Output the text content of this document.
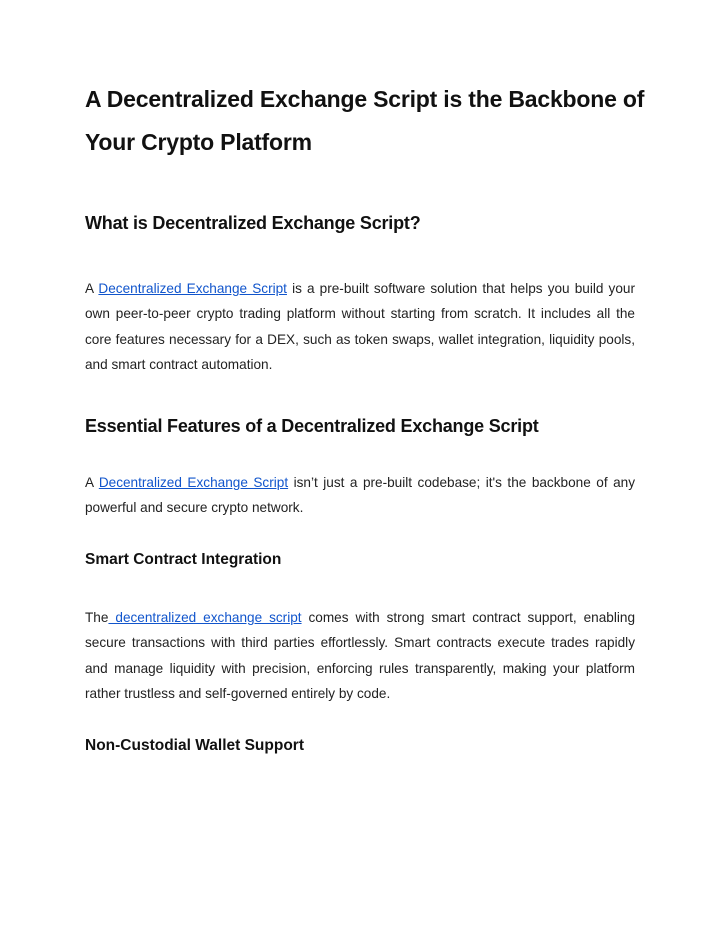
A Decentralized Exchange Script is the Backbone of Your Crypto Platform
What is Decentralized Exchange Script?

A Decentralized Exchange Script is a pre-built software solution that helps you build your own peer-to-peer crypto trading platform without starting from scratch. It includes all the core features necessary for a DEX, such as token swaps, wallet integration, liquidity pools, and smart contract automation.

Essential Features of a Decentralized Exchange Script

A Decentralized Exchange Script isn’t just a pre-built codebase; it's the backbone of any powerful and secure crypto network.

Smart Contract Integration

The decentralized exchange script comes with strong smart contract support, enabling secure transactions with third parties effortlessly. Smart contracts execute trades rapidly and manage liquidity with precision, enforcing rules transparently, making your platform rather trustless and self-governed entirely by code.

Non-Custodial Wallet Support
